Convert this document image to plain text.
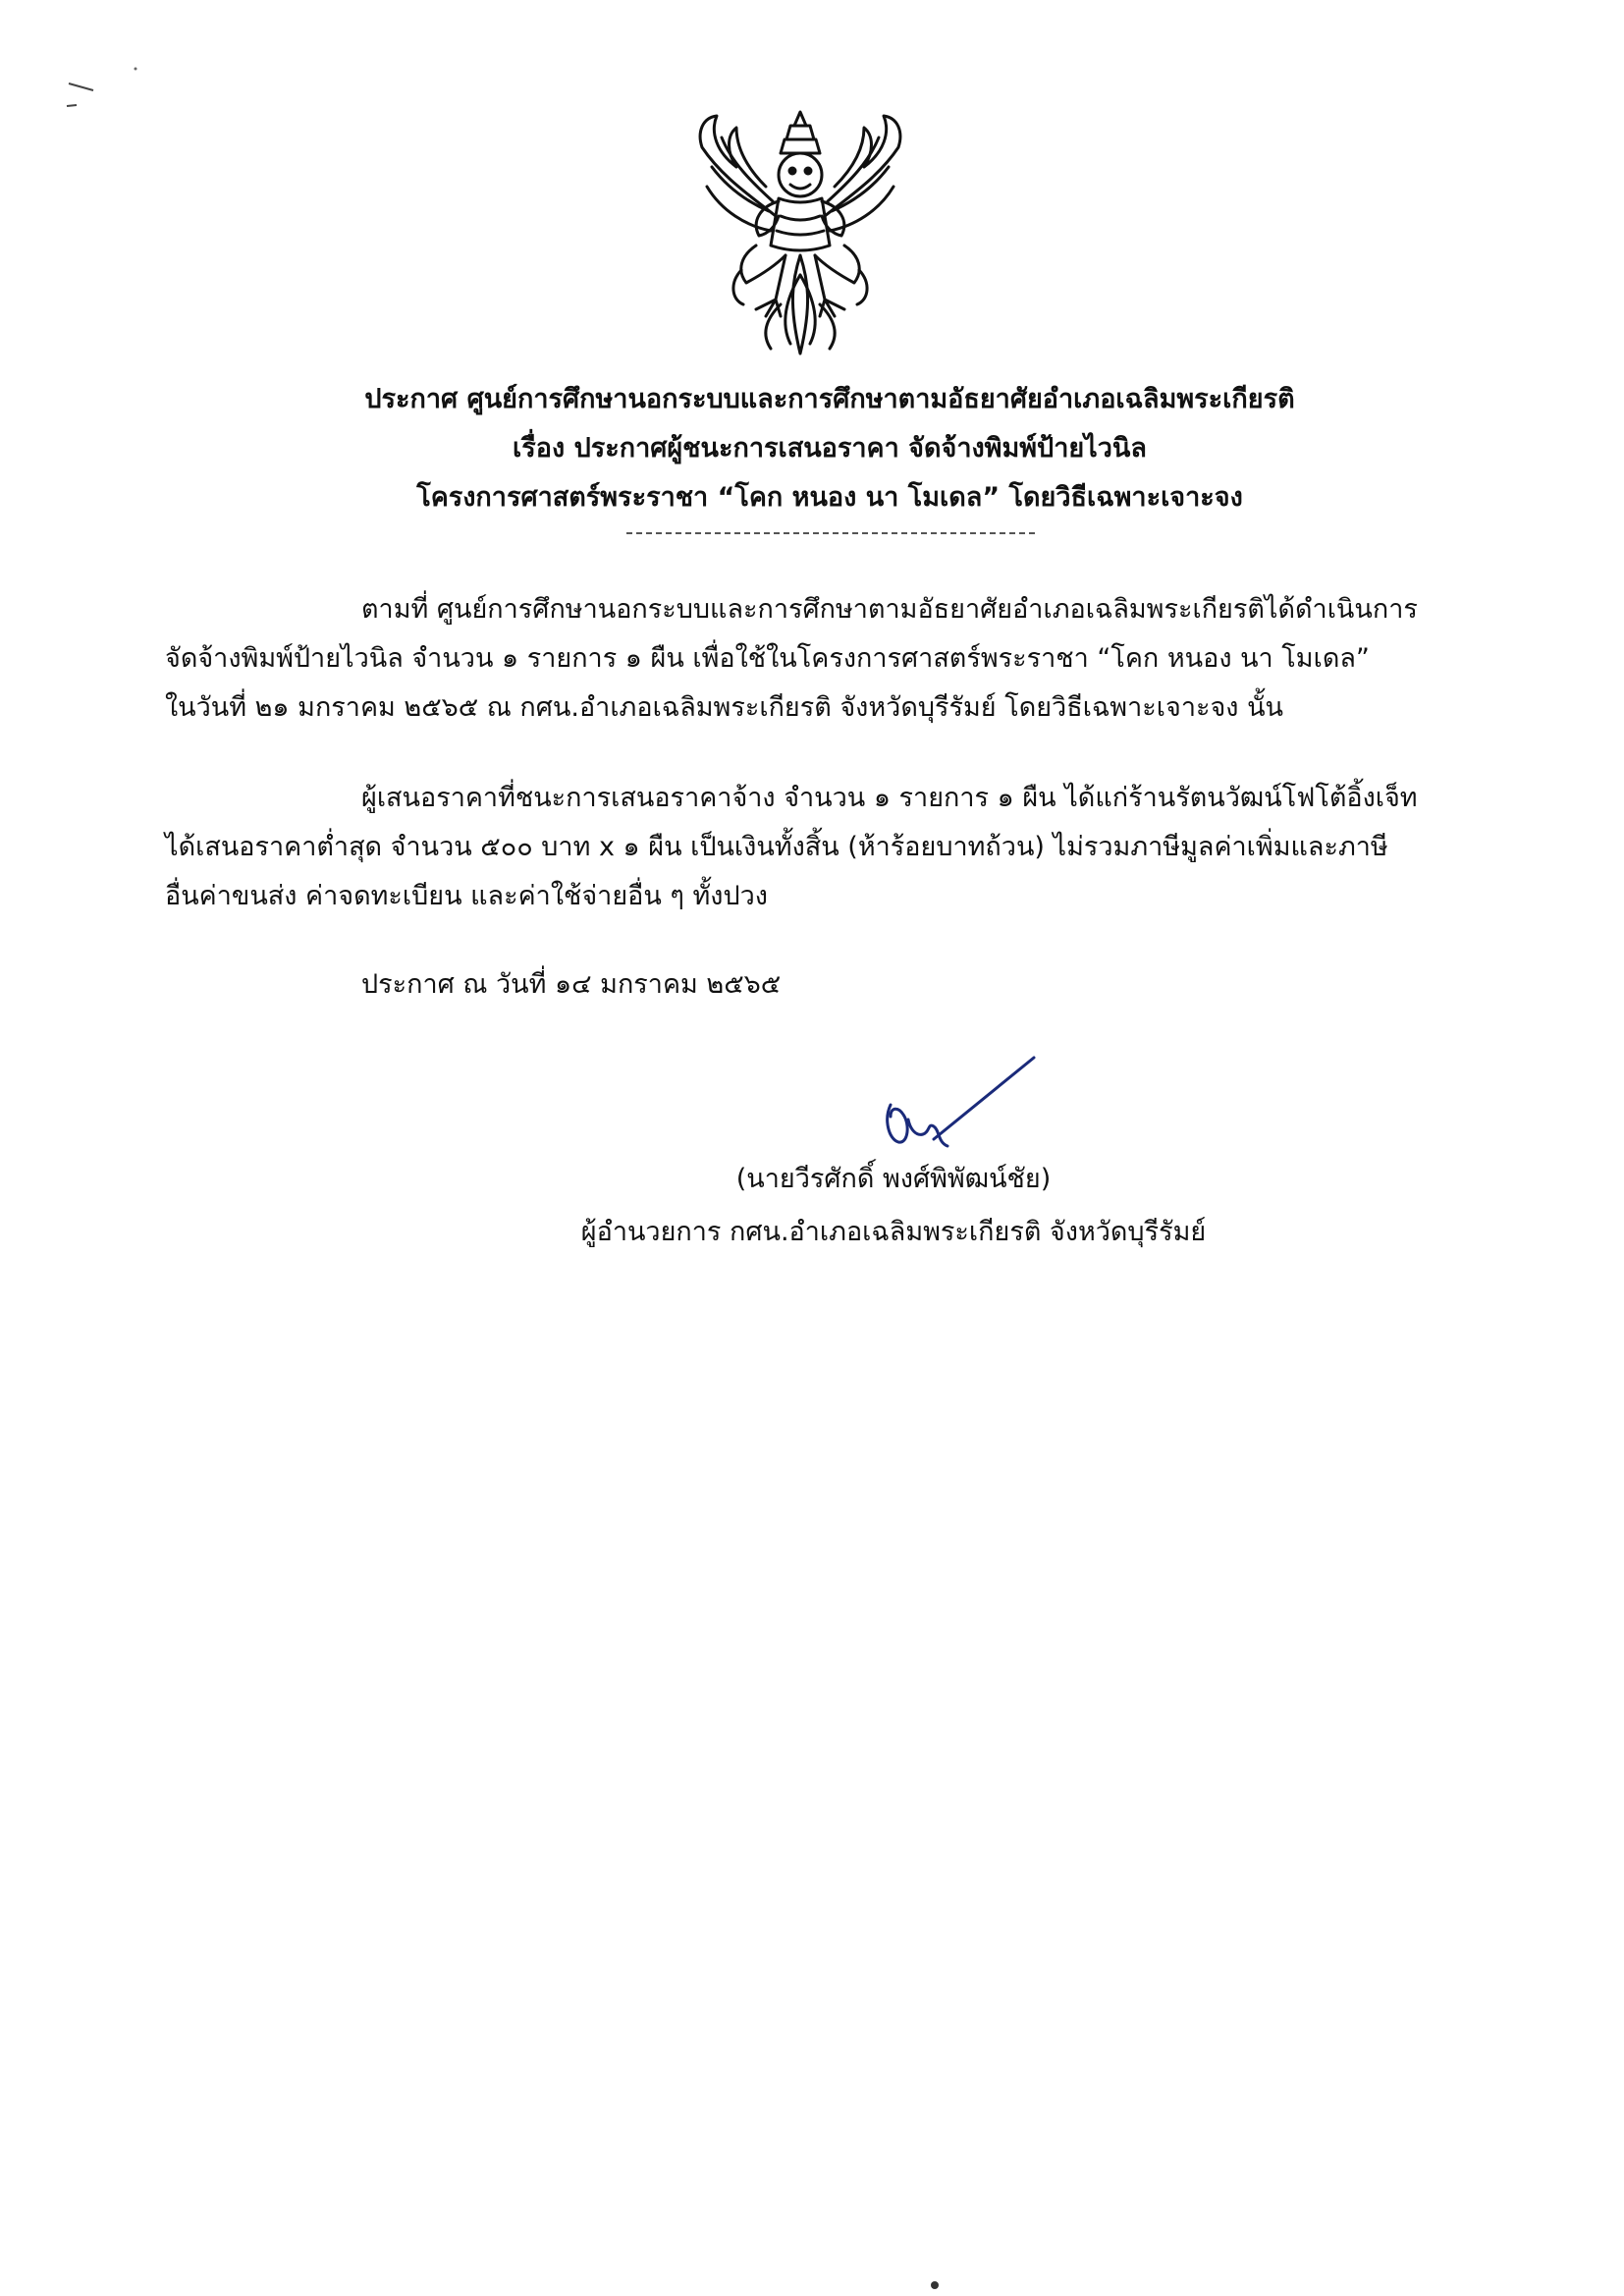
ประกาศ ศูนย์การศึกษานอกระบบและการศึกษาตามอัธยาศัยอำเภอเฉลิมพระเกียรติ
เรื่อง ประกาศผู้ชนะการเสนอราคา จัดจ้างพิมพ์ป้ายไวนิล
โครงการศาสตร์พระราชา “โคก หนอง นา โมเดล” โดยวิธีเฉพาะเจาะจง
ตามที่ ศูนย์การศึกษานอกระบบและการศึกษาตามอัธยาศัยอำเภอเฉลิมพระเกียรติได้ดำเนินการ
จัดจ้างพิมพ์ป้ายไวนิล จำนวน ๑ รายการ ๑ ผืน เพื่อใช้ในโครงการศาสตร์พระราชา “โคก หนอง นา โมเดล”
ในวันที่ ๒๑ มกราคม ๒๕๖๕ ณ กศน.อำเภอเฉลิมพระเกียรติ จังหวัดบุรีรัมย์ โดยวิธีเฉพาะเจาะจง นั้น
ผู้เสนอราคาที่ชนะการเสนอราคาจ้าง จำนวน ๑ รายการ ๑ ผืน ได้แก่ร้านรัตนวัฒน์โฟโต้อิ้งเจ็ท
ได้เสนอราคาต่ำสุด จำนวน ๕๐๐ บาท x ๑ ผืน เป็นเงินทั้งสิ้น (ห้าร้อยบาทถ้วน) ไม่รวมภาษีมูลค่าเพิ่มและภาษี
อื่นค่าขนส่ง ค่าจดทะเบียน และค่าใช้จ่ายอื่น ๆ ทั้งปวง
ประกาศ ณ วันที่ ๑๔ มกราคม ๒๕๖๕
(นายวีรศักดิ์ พงศ์พิพัฒน์ชัย)
ผู้อำนวยการ กศน.อำเภอเฉลิมพระเกียรติ จังหวัดบุรีรัมย์
